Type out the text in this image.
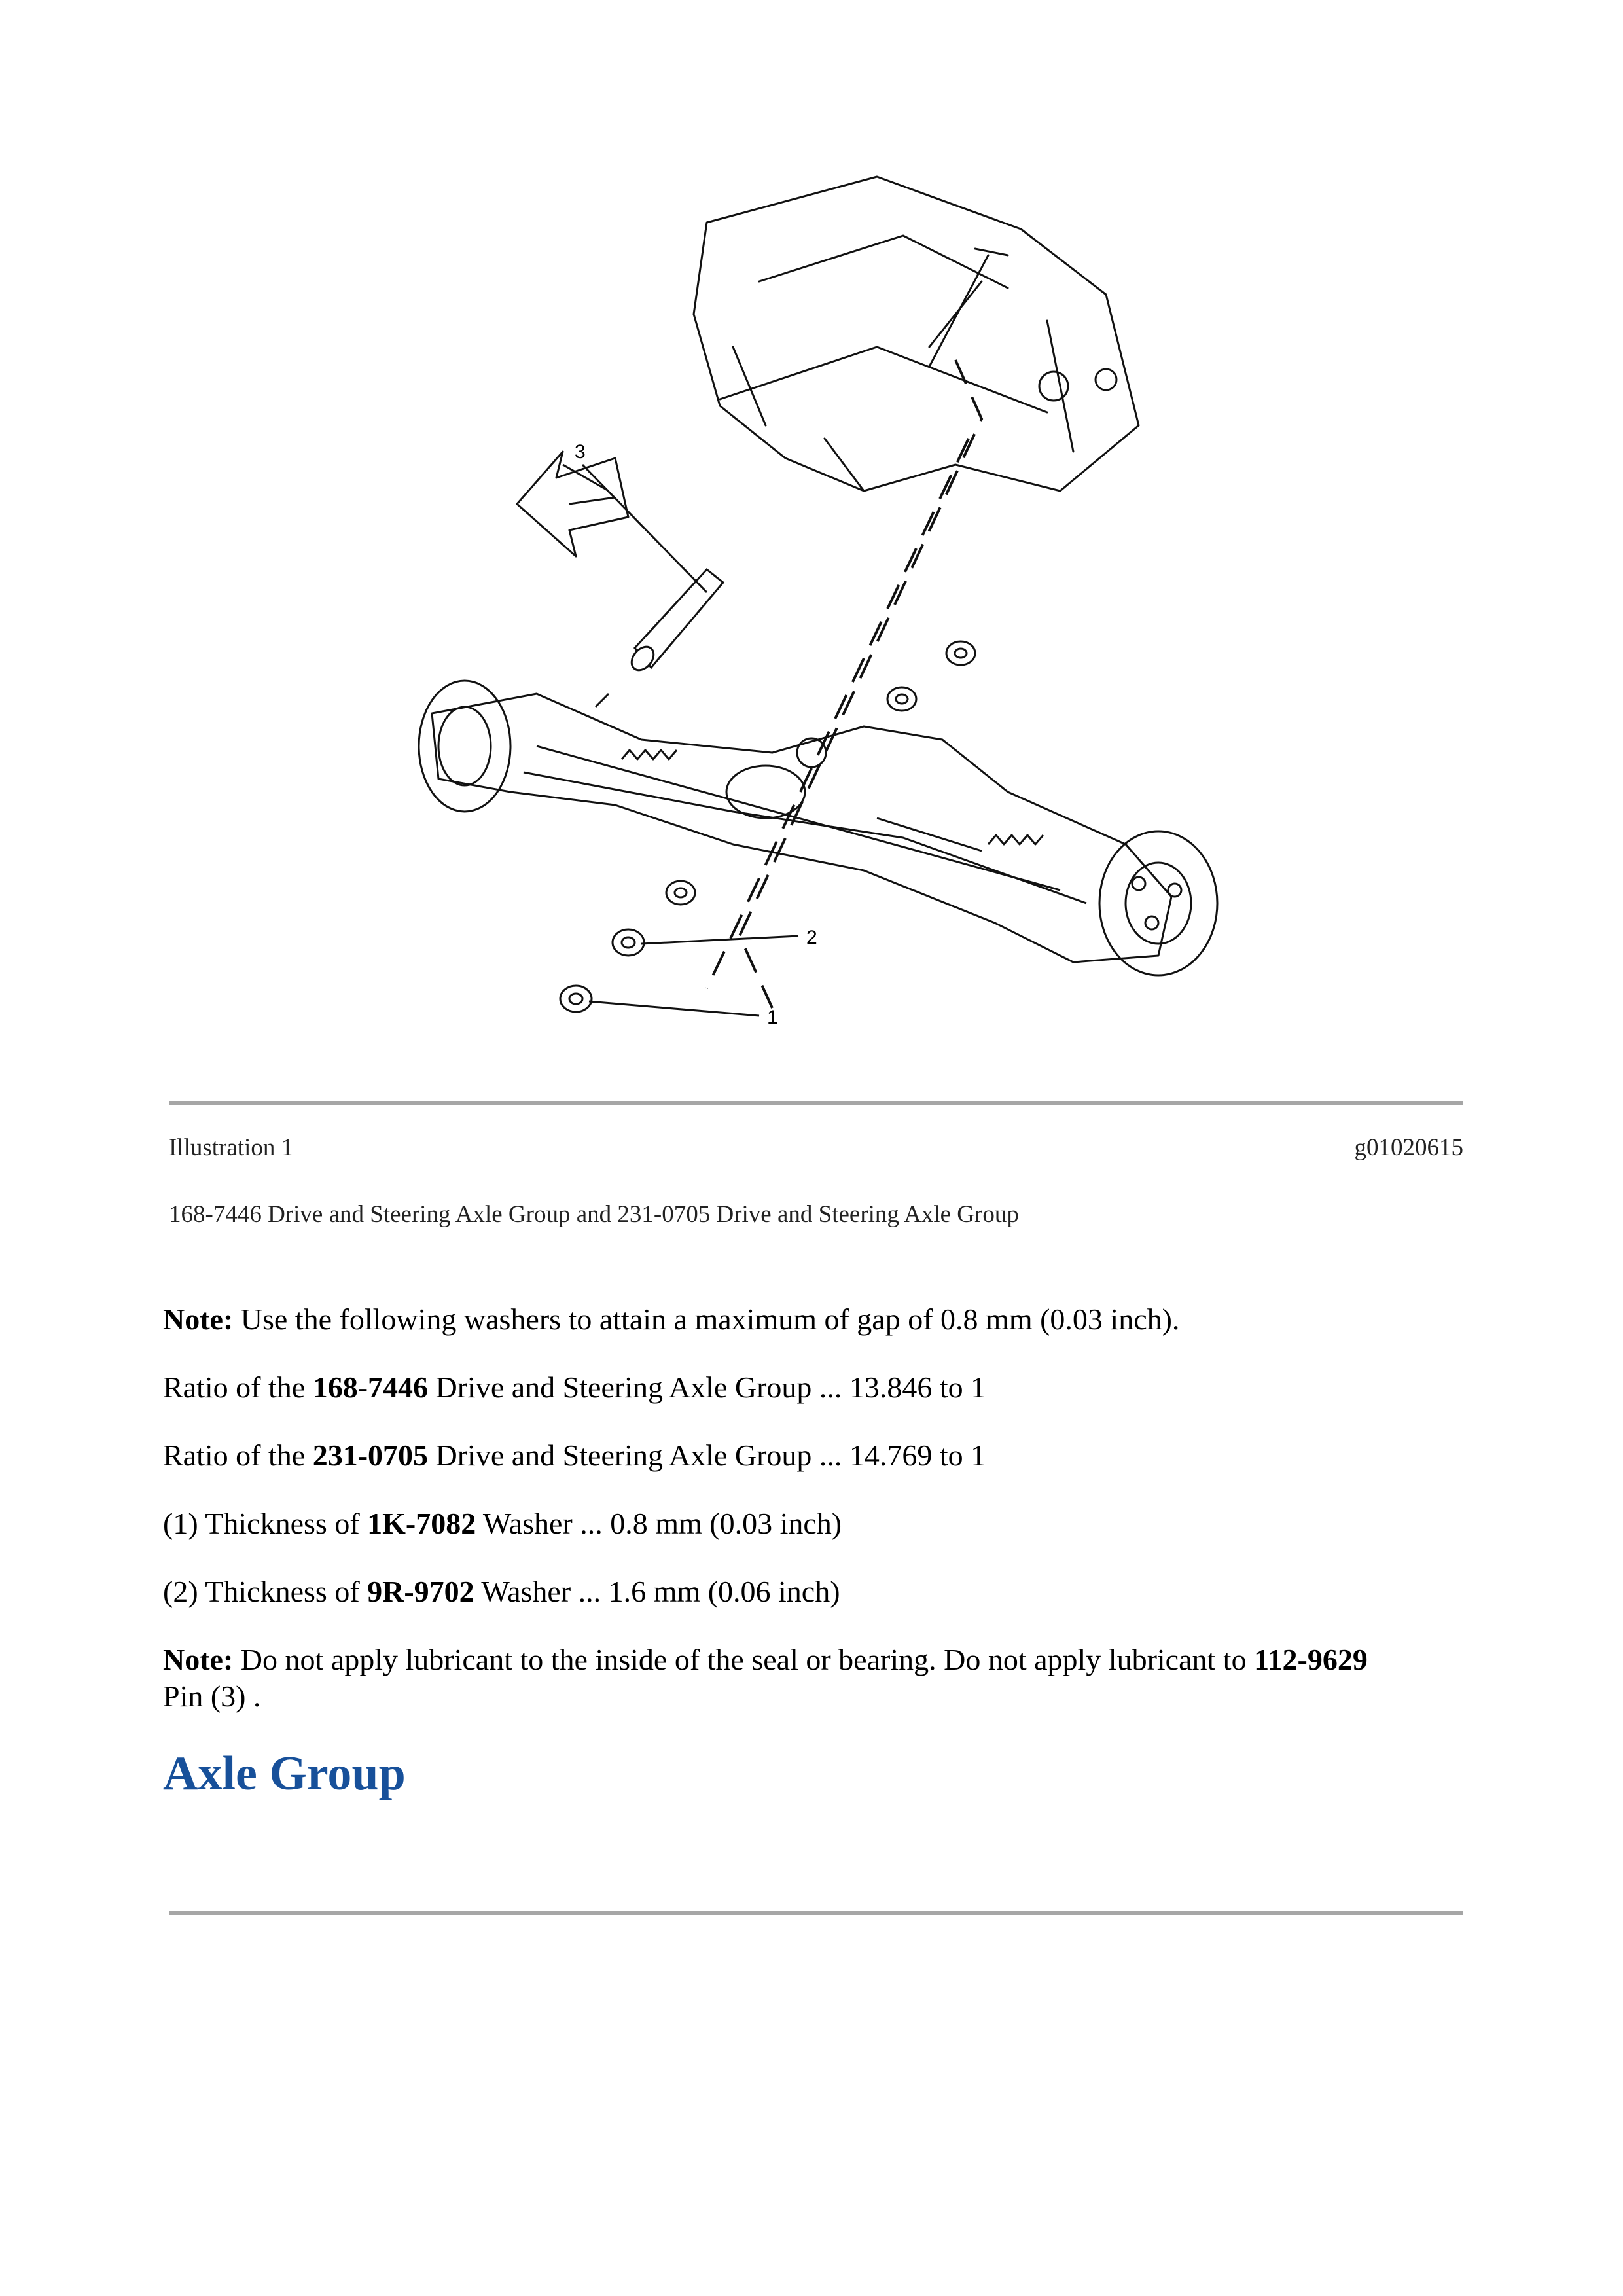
3
2
1
Illustration 1	g01020615
168-7446 Drive and Steering Axle Group and 231-0705 Drive and Steering Axle Group
Note: Use the following washers to attain a maximum of gap of 0.8 mm (0.03 inch).
Ratio of the 168-7446 Drive and Steering Axle Group ... 13.846 to 1
Ratio of the 231-0705 Drive and Steering Axle Group ... 14.769 to 1
(1) Thickness of 1K-7082 Washer ... 0.8 mm (0.03 inch)
(2) Thickness of 9R-9702 Washer ... 1.6 mm (0.06 inch)
Note: Do not apply lubricant to the inside of the seal or bearing. Do not apply lubricant to 112-9629
Pin (3) .
Axle Group
